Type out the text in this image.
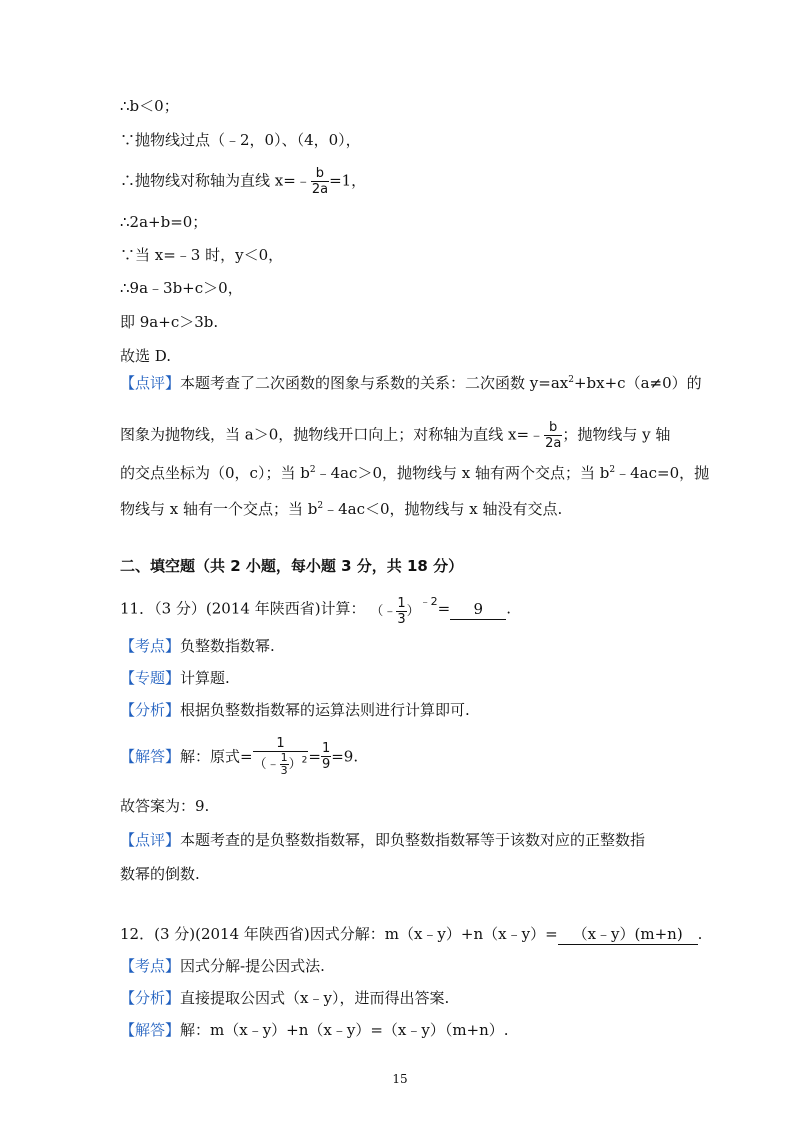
∴b＜0；
∵抛物线过点（﹣2，0）、（4，0），
∴抛物线对称轴为直线 x=﹣ $\frac{b}{2a} =1$，
∴2a+b=0；
∵当 x=﹣3 时，y＜0，
∴9a﹣3b+c＞0，
即 9a+c＞3b.
故选 D.
【点评】本题考查了二次函数的图象与系数的关系：二次函数 $y=ax^2+bx+c(a\ne 0)$的
图象为抛物线，当 a＞0，抛物线开口向上；对称轴为直线 x=﹣ $\frac{b}{2a}$ ；抛物线与 y 轴
的交点坐标为（0，c）；当 $b^2﹣4ac>0$，抛物线与 x 轴有两个交点；当 $b^2﹣4ac=0$，抛
物线与 x 轴有一个交点；当 $b^2﹣4ac<0$，抛物线与 x 轴没有交点.
二、填空题（共 2 小题，每小题 3 分，共 18 分）
11．（3 分）(2014 年陕西省)计算： （﹣ $\frac{1}{3} )^{﹣2}= 9$ .
【考点】负整数指数幂.
【专题】计算题.
【分析】根据负整数指数幂的运算法则进行计算即可.
【解答】解：原式= $\frac{1}{(﹣ \frac{1}{3} )^2} = \frac{1}{9} =9$.
故答案为：9.
【点评】本题考查的是负整数指数幂，即负整数指数幂等于该数对应的正整数指
数幂的倒数.
12．(3 分)(2014 年陕西省)因式分解：m（x﹣y）+n（x﹣y）= （x﹣y）(m+n) .
【考点】因式分解-提公因式法.
【分析】直接提取公因式（x﹣y），进而得出答案.
【解答】解：m（x﹣y）+n（x﹣y）=（x﹣y）（m+n）.
15
